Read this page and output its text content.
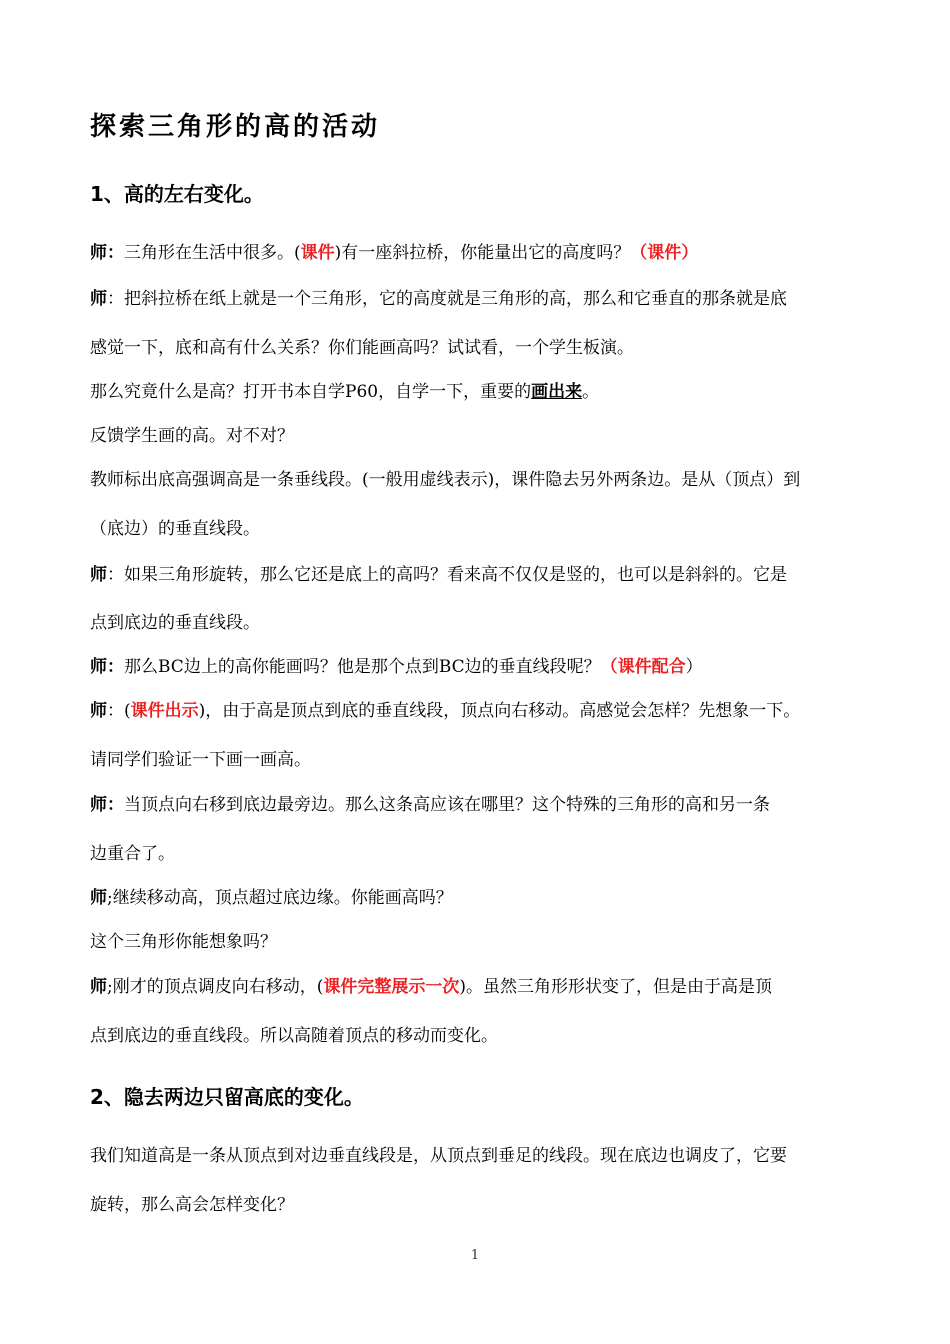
探索三角形的高的活动
1、高的左右变化。
师：三角形在生活中很多。(课件)有一座斜拉桥，你能量出它的高度吗？（课件）
师：把斜拉桥在纸上就是一个三角形，它的高度就是三角形的高，那么和它垂直的那条就是底
感觉一下，底和高有什么关系？你们能画高吗？试试看，一个学生板演。
那么究竟什么是高？打开书本自学P60，自学一下，重要的画出来。
反馈学生画的高。对不对？
教师标出底高强调高是一条垂线段。(一般用虚线表示)，课件隐去另外两条边。是从（顶点）到
（底边）的垂直线段。
师：如果三角形旋转，那么它还是底上的高吗？看来高不仅仅是竖的，也可以是斜斜的。它是
点到底边的垂直线段。
师：那么BC边上的高你能画吗？他是那个点到BC边的垂直线段呢？（课件配合）
师：(课件出示)，由于高是顶点到底的垂直线段，顶点向右移动。高感觉会怎样？先想象一下。
请同学们验证一下画一画高。
师：当顶点向右移到底边最旁边。那么这条高应该在哪里？这个特殊的三角形的高和另一条
边重合了。
师;继续移动高，顶点超过底边缘。你能画高吗？
这个三角形你能想象吗？
师;刚才的顶点调皮向右移动，(课件完整展示一次)。虽然三角形形状变了，但是由于高是顶
点到底边的垂直线段。所以高随着顶点的移动而变化。
2、隐去两边只留高底的变化。
我们知道高是一条从顶点到对边垂直线段是，从顶点到垂足的线段。现在底边也调皮了，它要
旋转，那么高会怎样变化？
1
